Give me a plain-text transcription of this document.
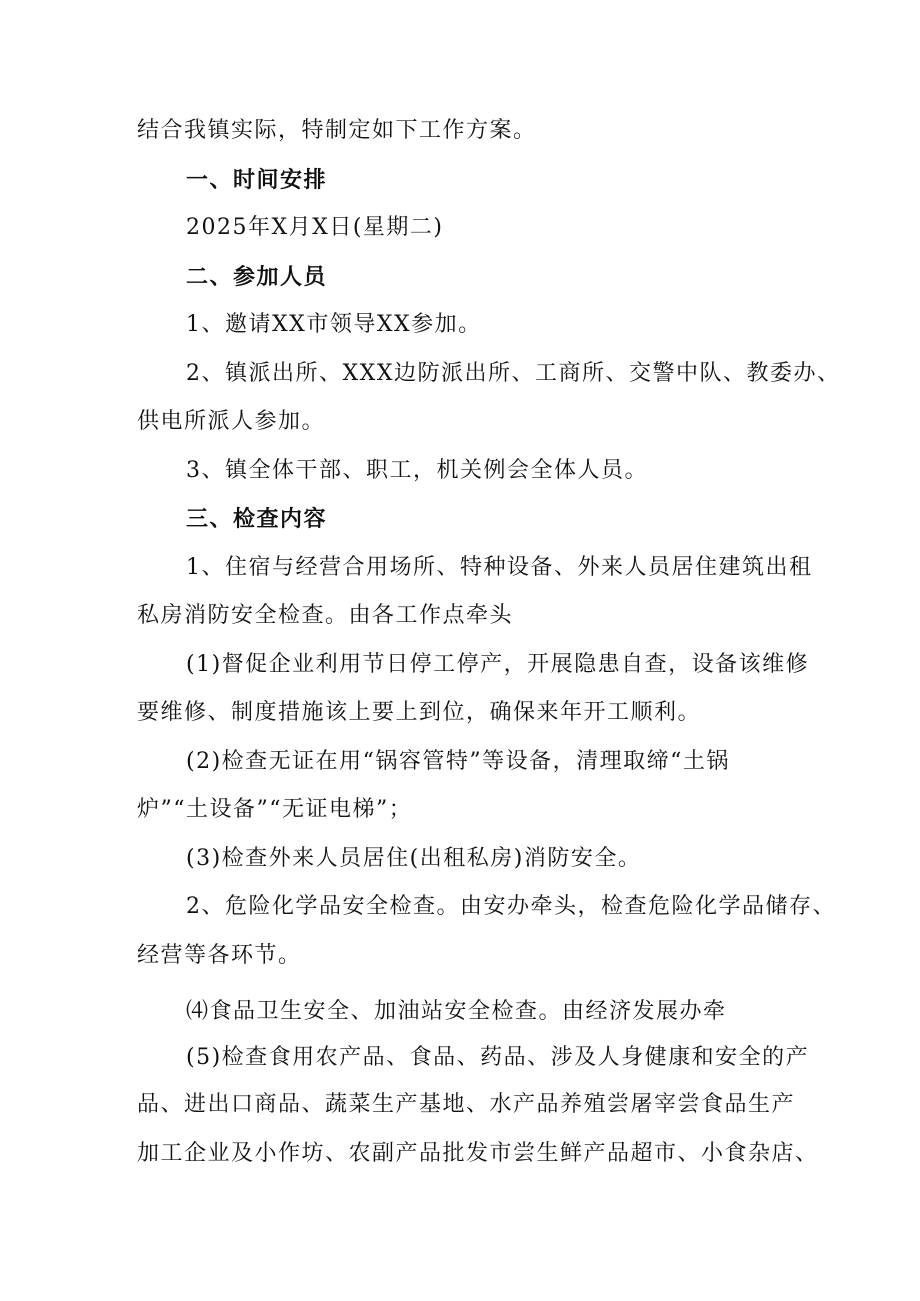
结合我镇实际，特制定如下工作方案。
一、时间安排
2025年X月X日(星期二)
二、参加人员
1、邀请XX市领导XX参加。
2、镇派出所、XXX边防派出所、工商所、交警中队、教委办、
供电所派人参加。
3、镇全体干部、职工，机关例会全体人员。
三、检查内容
1、住宿与经营合用场所、特种设备、外来人员居住建筑出租
私房消防安全检查。由各工作点牵头
(1)督促企业利用节日停工停产，开展隐患自查，设备该维修
要维修、制度措施该上要上到位，确保来年开工顺利。
(2)检查无证在用“锅容管特”等设备，清理取缔“土锅
炉”“土设备”“无证电梯”；
(3)检查外来人员居住(出租私房)消防安全。
2、危险化学品安全检查。由安办牵头，检查危险化学品储存、
经营等各环节。
⑷食品卫生安全、加油站安全检查。由经济发展办牵
(5)检查食用农产品、食品、药品、涉及人身健康和安全的产
品、进出口商品、蔬菜生产基地、水产品养殖尝屠宰尝食品生产
加工企业及小作坊、农副产品批发市尝生鲜产品超市、小食杂店、
